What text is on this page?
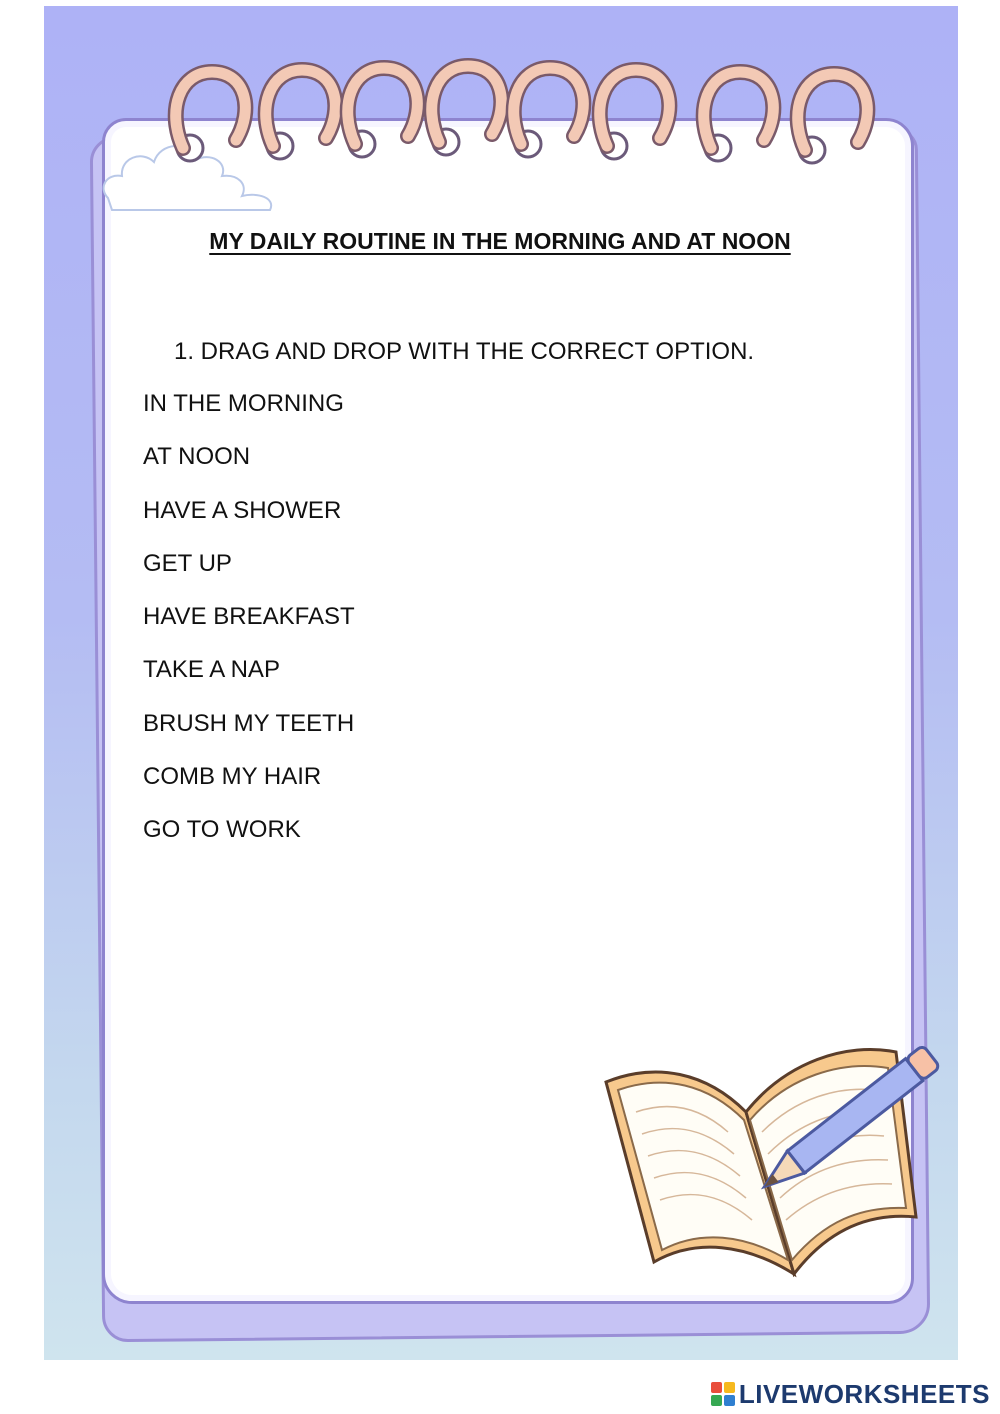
MY DAILY ROUTINE IN THE MORNING AND AT NOON
1. DRAG AND DROP WITH THE CORRECT OPTION.
IN THE MORNING
AT NOON
HAVE A SHOWER
GET UP
HAVE BREAKFAST
TAKE A NAP
BRUSH MY TEETH
COMB MY HAIR
GO TO WORK
LIVEWORKSHEETS
